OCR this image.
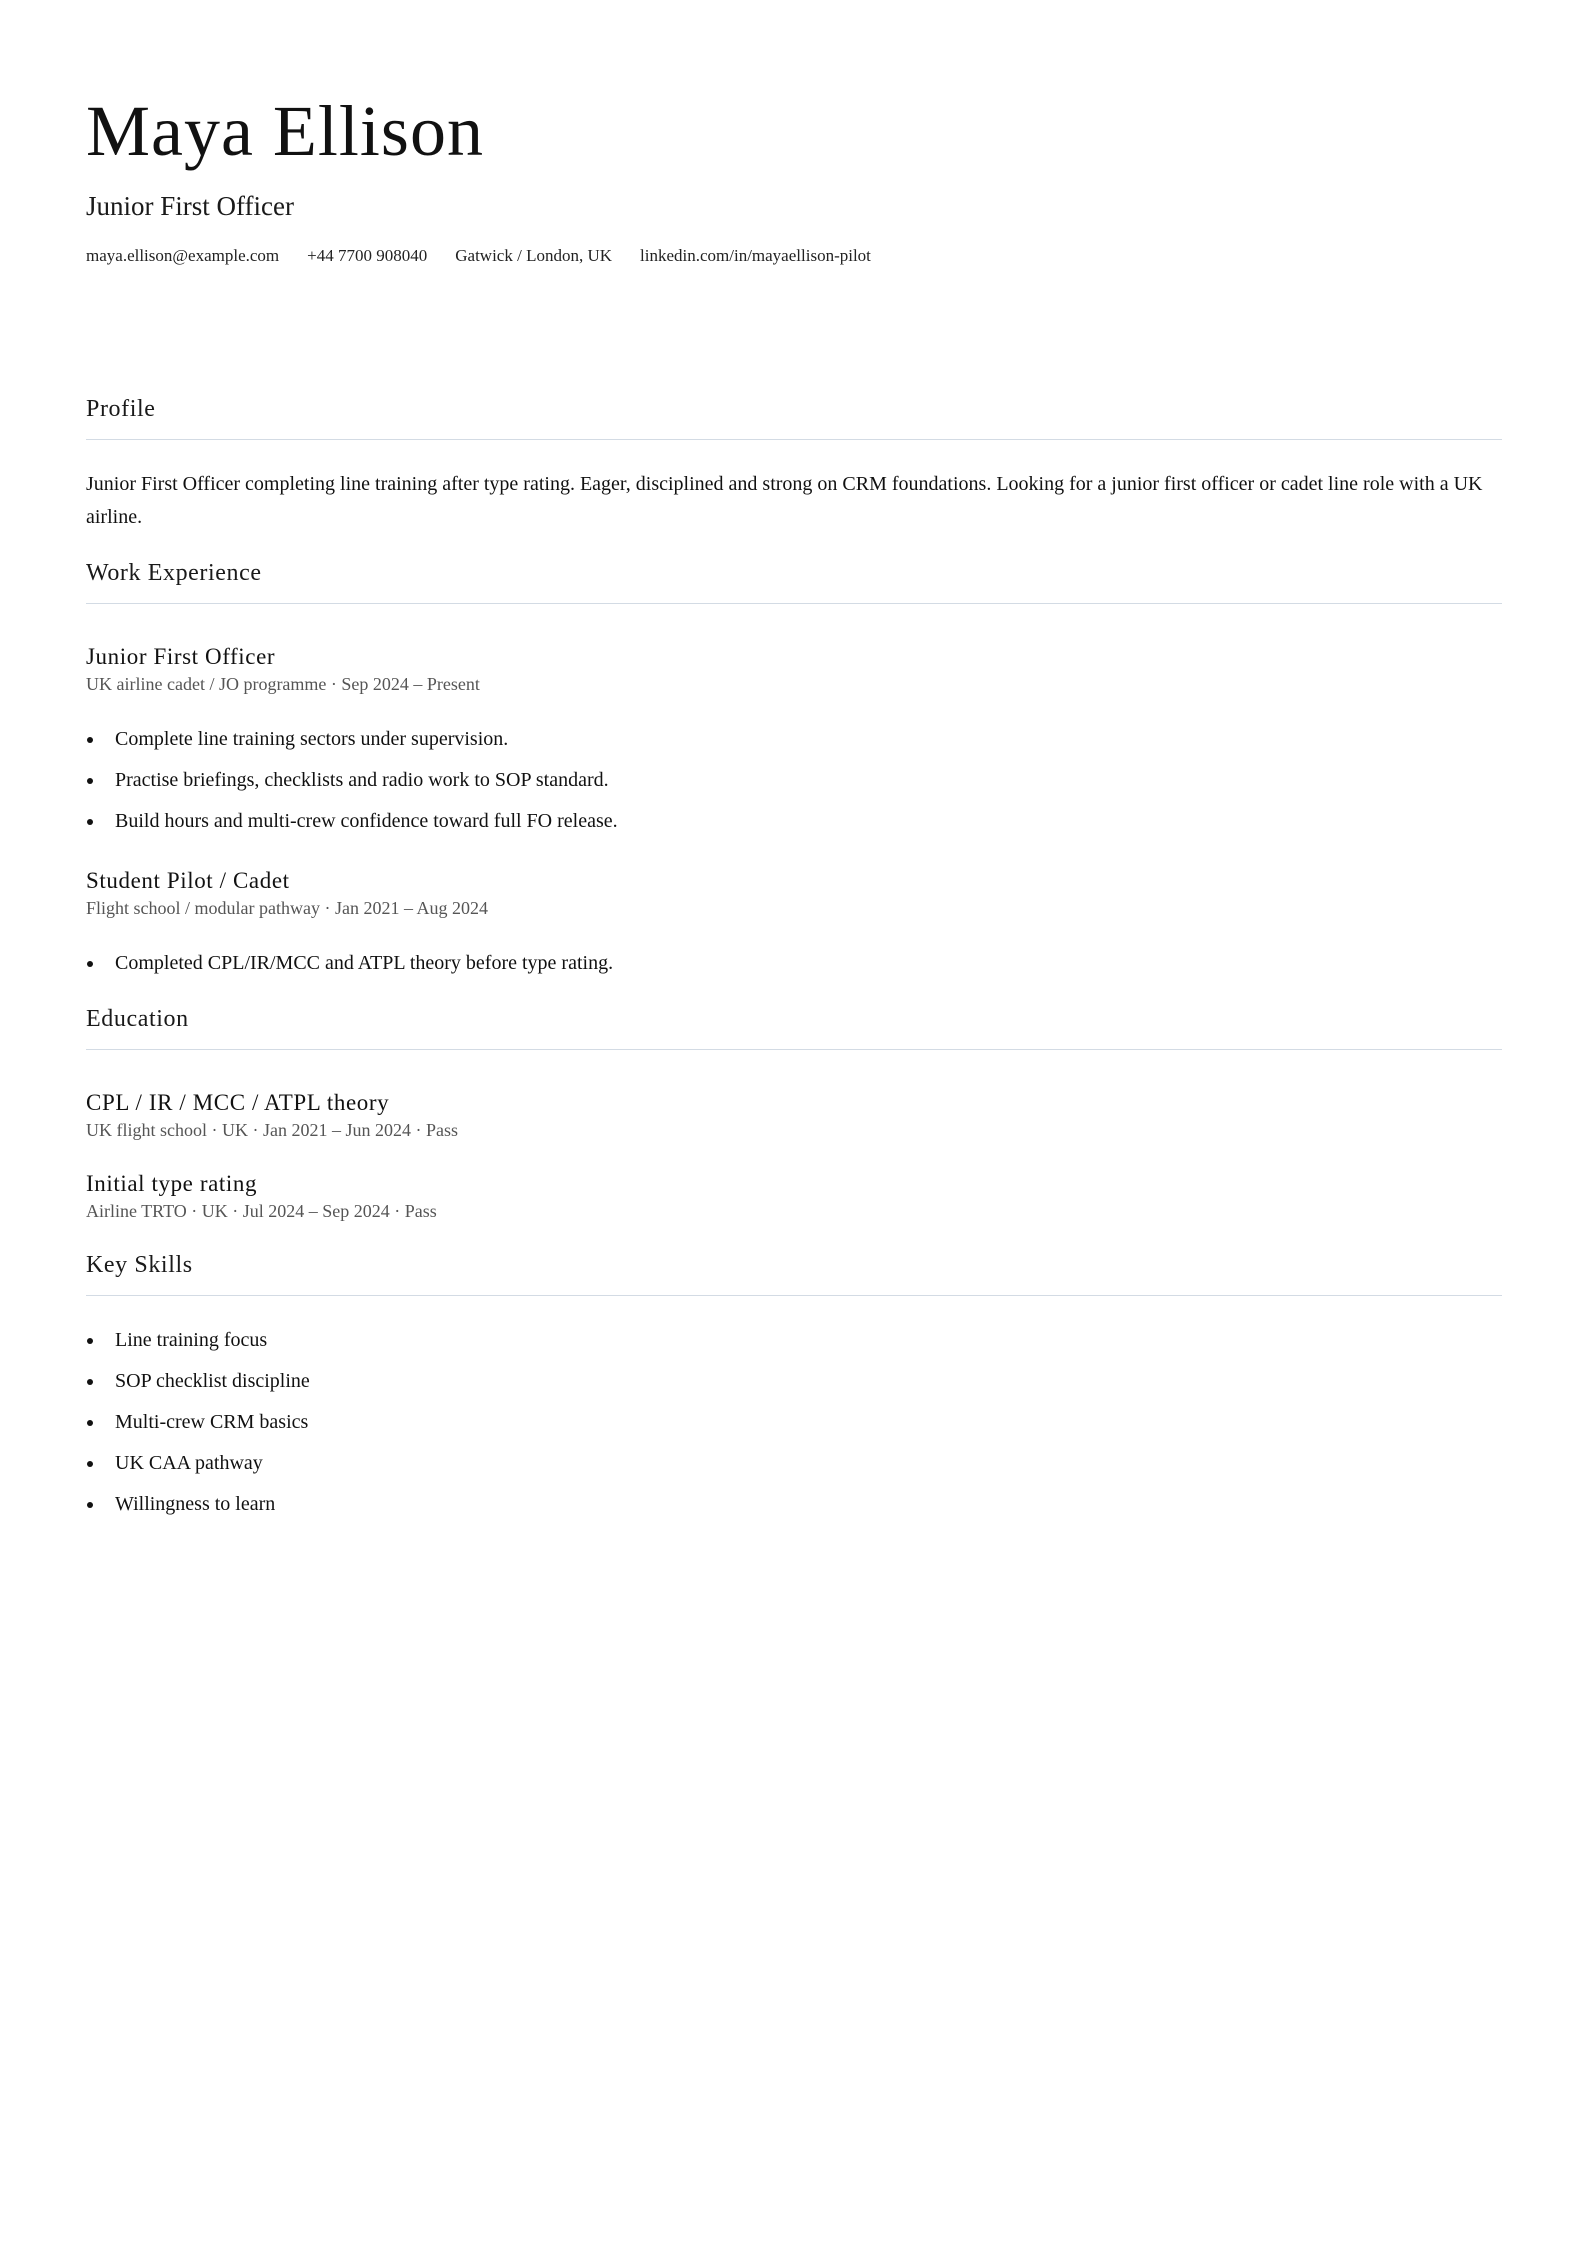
Maya Ellison
Junior First Officer
maya.ellison@example.com +44 7700 908040 Gatwick / London, UK linkedin.com/in/mayaellison-pilot
Profile

Junior First Officer completing line training after type rating. Eager, disciplined and strong on CRM foundations. Looking for a junior first officer or cadet line role with a UK airline.

Work Experience
Junior First Officer
UK airline cadet / JO programme · Sep 2024 – Present
Complete line training sectors under supervision.
Practise briefings, checklists and radio work to SOP standard.
Build hours and multi-crew confidence toward full FO release.
Student Pilot / Cadet
Flight school / modular pathway · Jan 2021 – Aug 2024
Completed CPL/IR/MCC and ATPL theory before type rating.
Education
CPL / IR / MCC / ATPL theory
UK flight school · UK · Jan 2021 – Jun 2024 · Pass
Initial type rating
Airline TRTO · UK · Jul 2024 – Sep 2024 · Pass
Key Skills
Line training focus
SOP checklist discipline
Multi-crew CRM basics
UK CAA pathway
Willingness to learn
